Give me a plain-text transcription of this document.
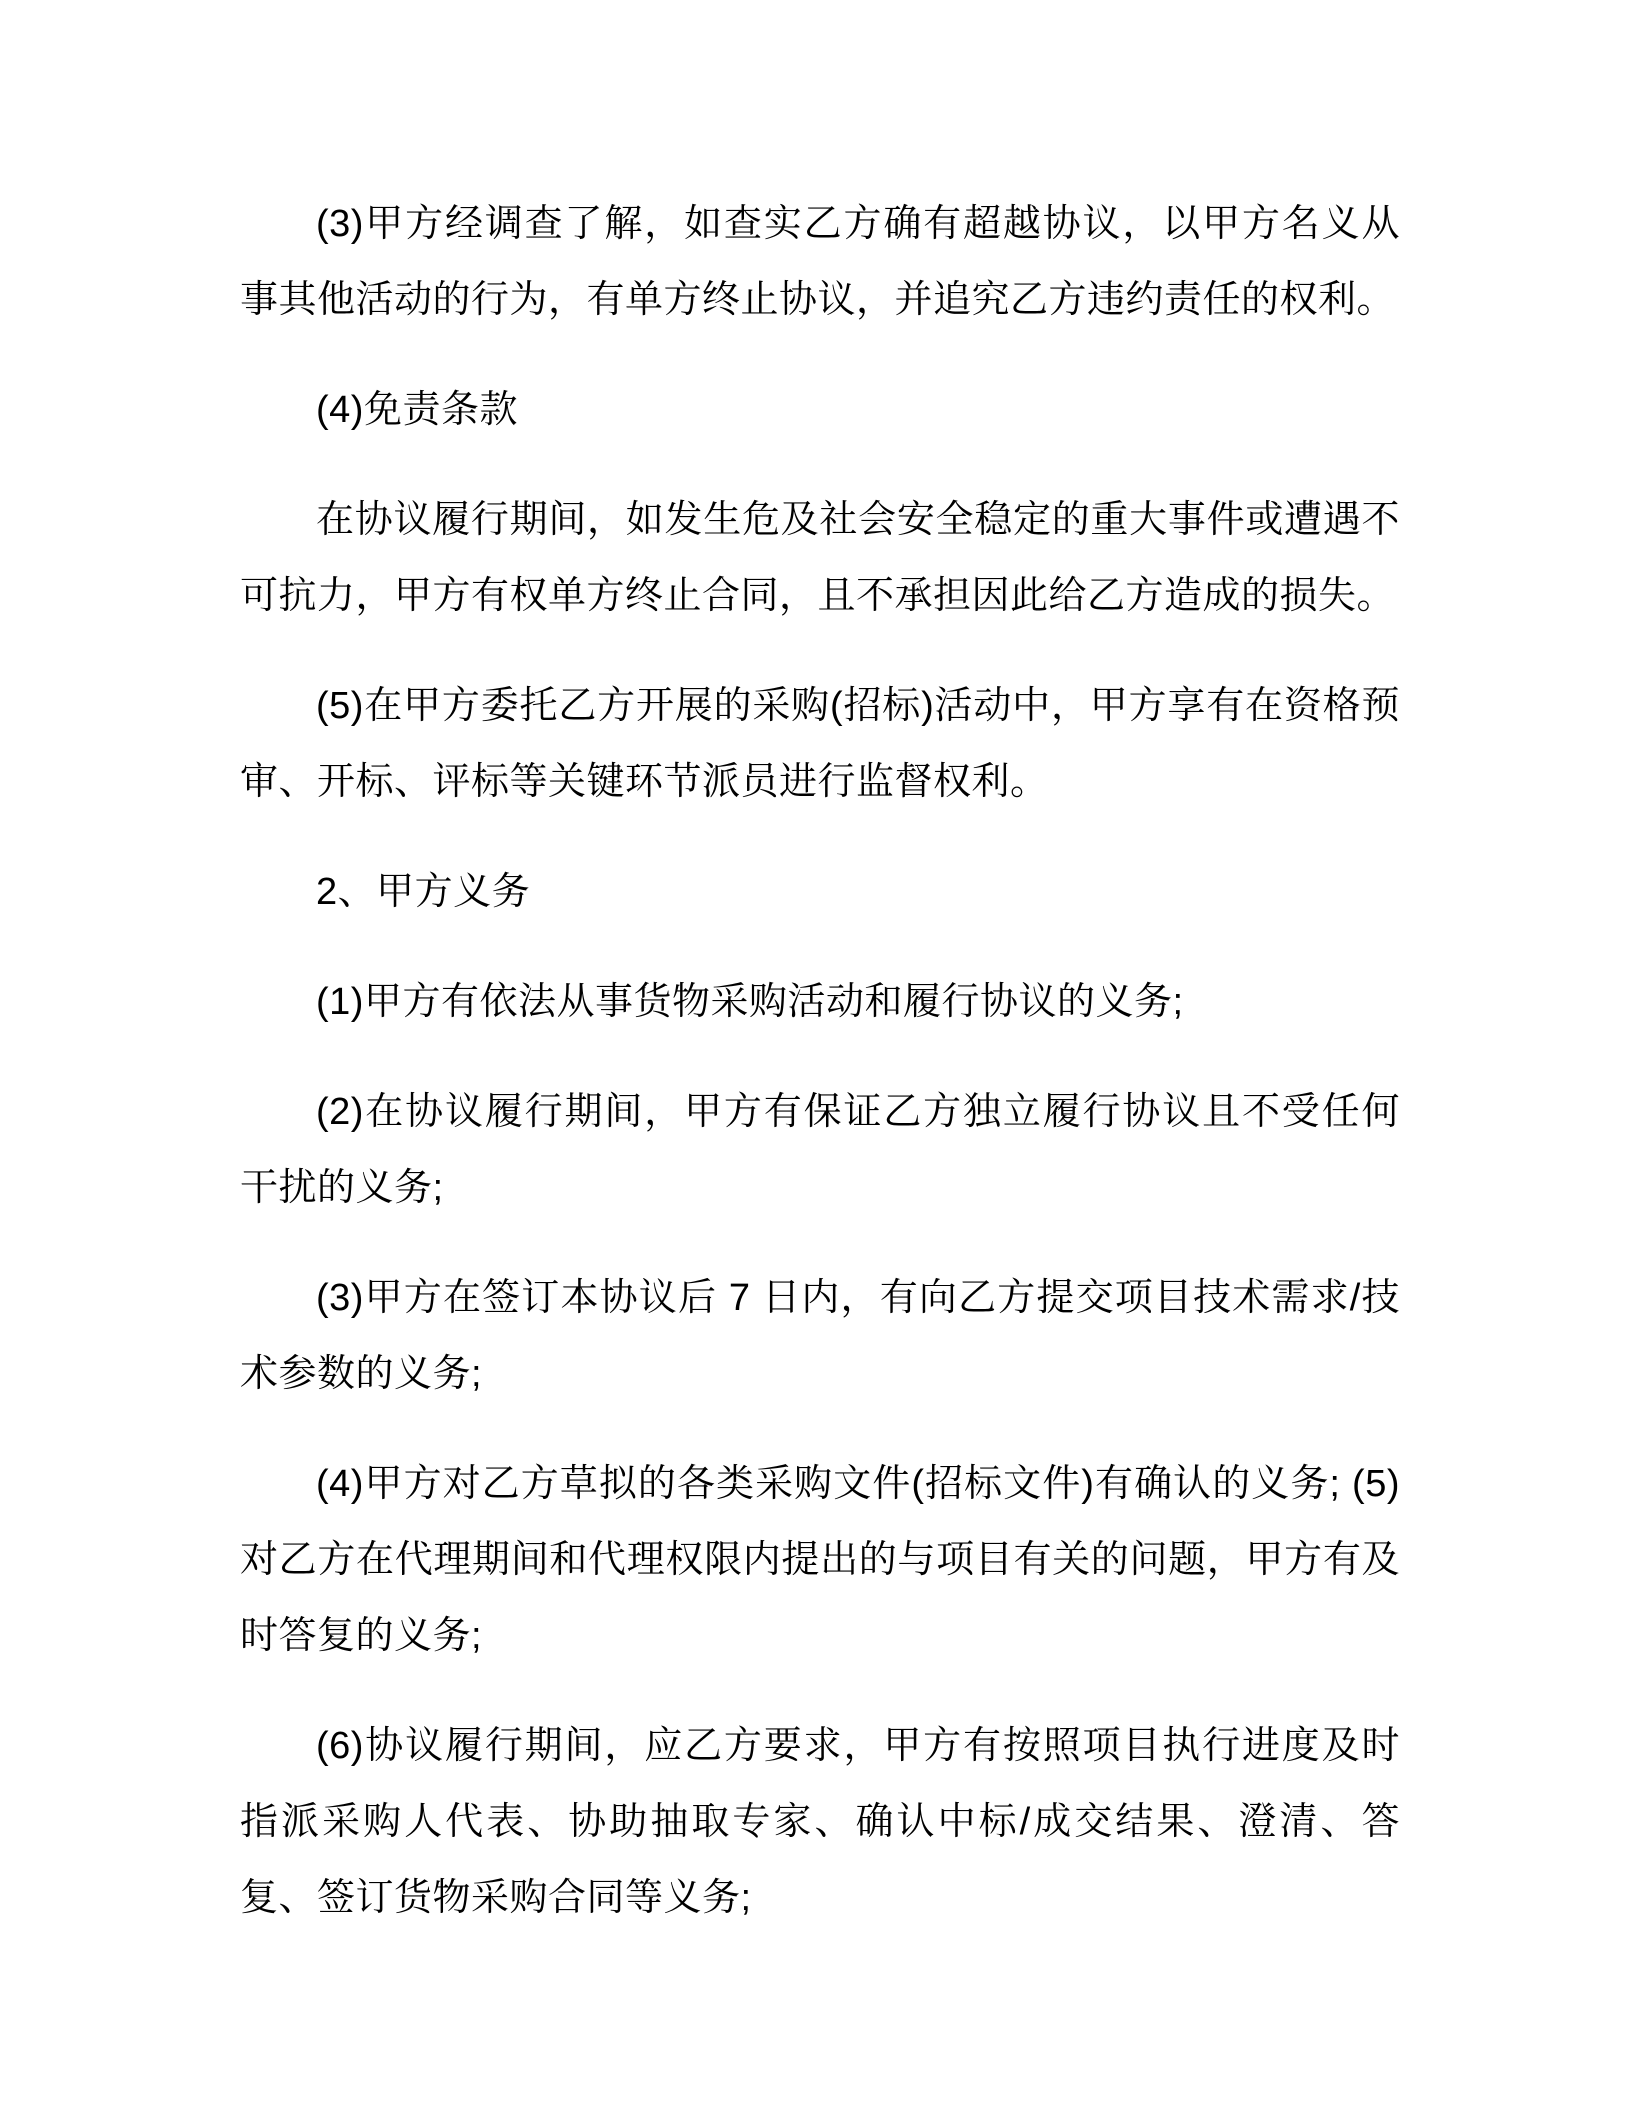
(3)甲方经调查了解，如查实乙方确有超越协议，以甲方名义从事其他活动的行为，有单方终止协议，并追究乙方违约责任的权利。

(4)免责条款

在协议履行期间，如发生危及社会安全稳定的重大事件或遭遇不可抗力，甲方有权单方终止合同，且不承担因此给乙方造成的损失。

(5)在甲方委托乙方开展的采购(招标)活动中，甲方享有在资格预审、开标、评标等关键环节派员进行监督权利。

2、甲方义务

(1)甲方有依法从事货物采购活动和履行协议的义务;

(2)在协议履行期间，甲方有保证乙方独立履行协议且不受任何干扰的义务;

(3)甲方在签订本协议后 7 日内，有向乙方提交项目技术需求/技术参数的义务;

(4)甲方对乙方草拟的各类采购文件(招标文件)有确认的义务; (5)对乙方在代理期间和代理权限内提出的与项目有关的问题，甲方有及时答复的义务;

(6)协议履行期间，应乙方要求，甲方有按照项目执行进度及时指派采购人代表、协助抽取专家、确认中标/成交结果、澄清、答复、签订货物采购合同等义务;
